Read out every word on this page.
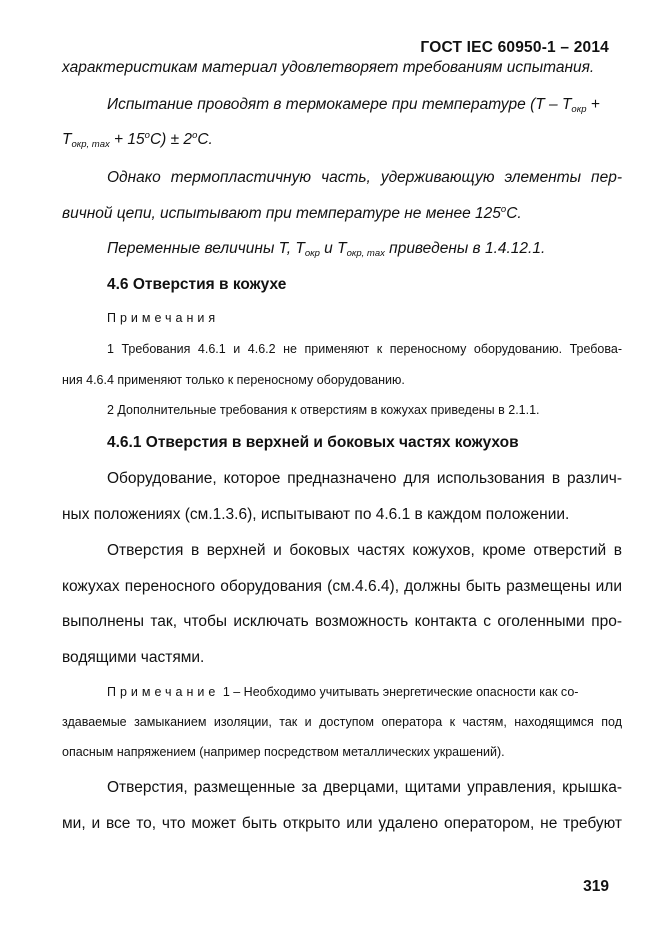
ГОСТ IEC 60950-1 – 2014
характеристикам материал удовлетворяет требованиям испытания.
Испытание проводят в термокамере при температуре ($T - T_{окр}$ +
$T_{окр, max} + 15^oC) \pm 2^oC$.
Однако термопластичную часть, удерживающую элементы пер-
вичной цепи, испытывают при температуре не менее 125$^o$C.
Переменные величины T, $T_{окр}$ и $T_{окр, max}$ приведены в 1.4.12.1.
4.6 Отверстия в кожухе
Примечания
1 Требования 4.6.1 и 4.6.2 не применяют к переносному оборудованию. Требова-
ния 4.6.4 применяют только к переносному оборудованию.
2 Дополнительные требования к отверстиям в кожухах приведены в 2.1.1.
4.6.1 Отверстия в верхней и боковых частях кожухов
Оборудование, которое предназначено для использования в различ-
ных положениях (см.1.3.6), испытывают по 4.6.1 в каждом положении.
Отверстия в верхней и боковых частях кожухов, кроме отверстий в
кожухах переносного оборудования (см.4.6.4), должны быть размещены или
выполнены так, чтобы исключать возможность контакта с оголенными про-
водящими частями.
Примечание 1 – Необходимо учитывать энергетические опасности как со-
здаваемые замыканием изоляции, так и доступом оператора к частям, находящимся под
опасным напряжением (например посредством металлических украшений).
Отверстия, размещенные за дверцами, щитами управления, крышка-
ми, и все то, что может быть открыто или удалено оператором, не требуют
319
